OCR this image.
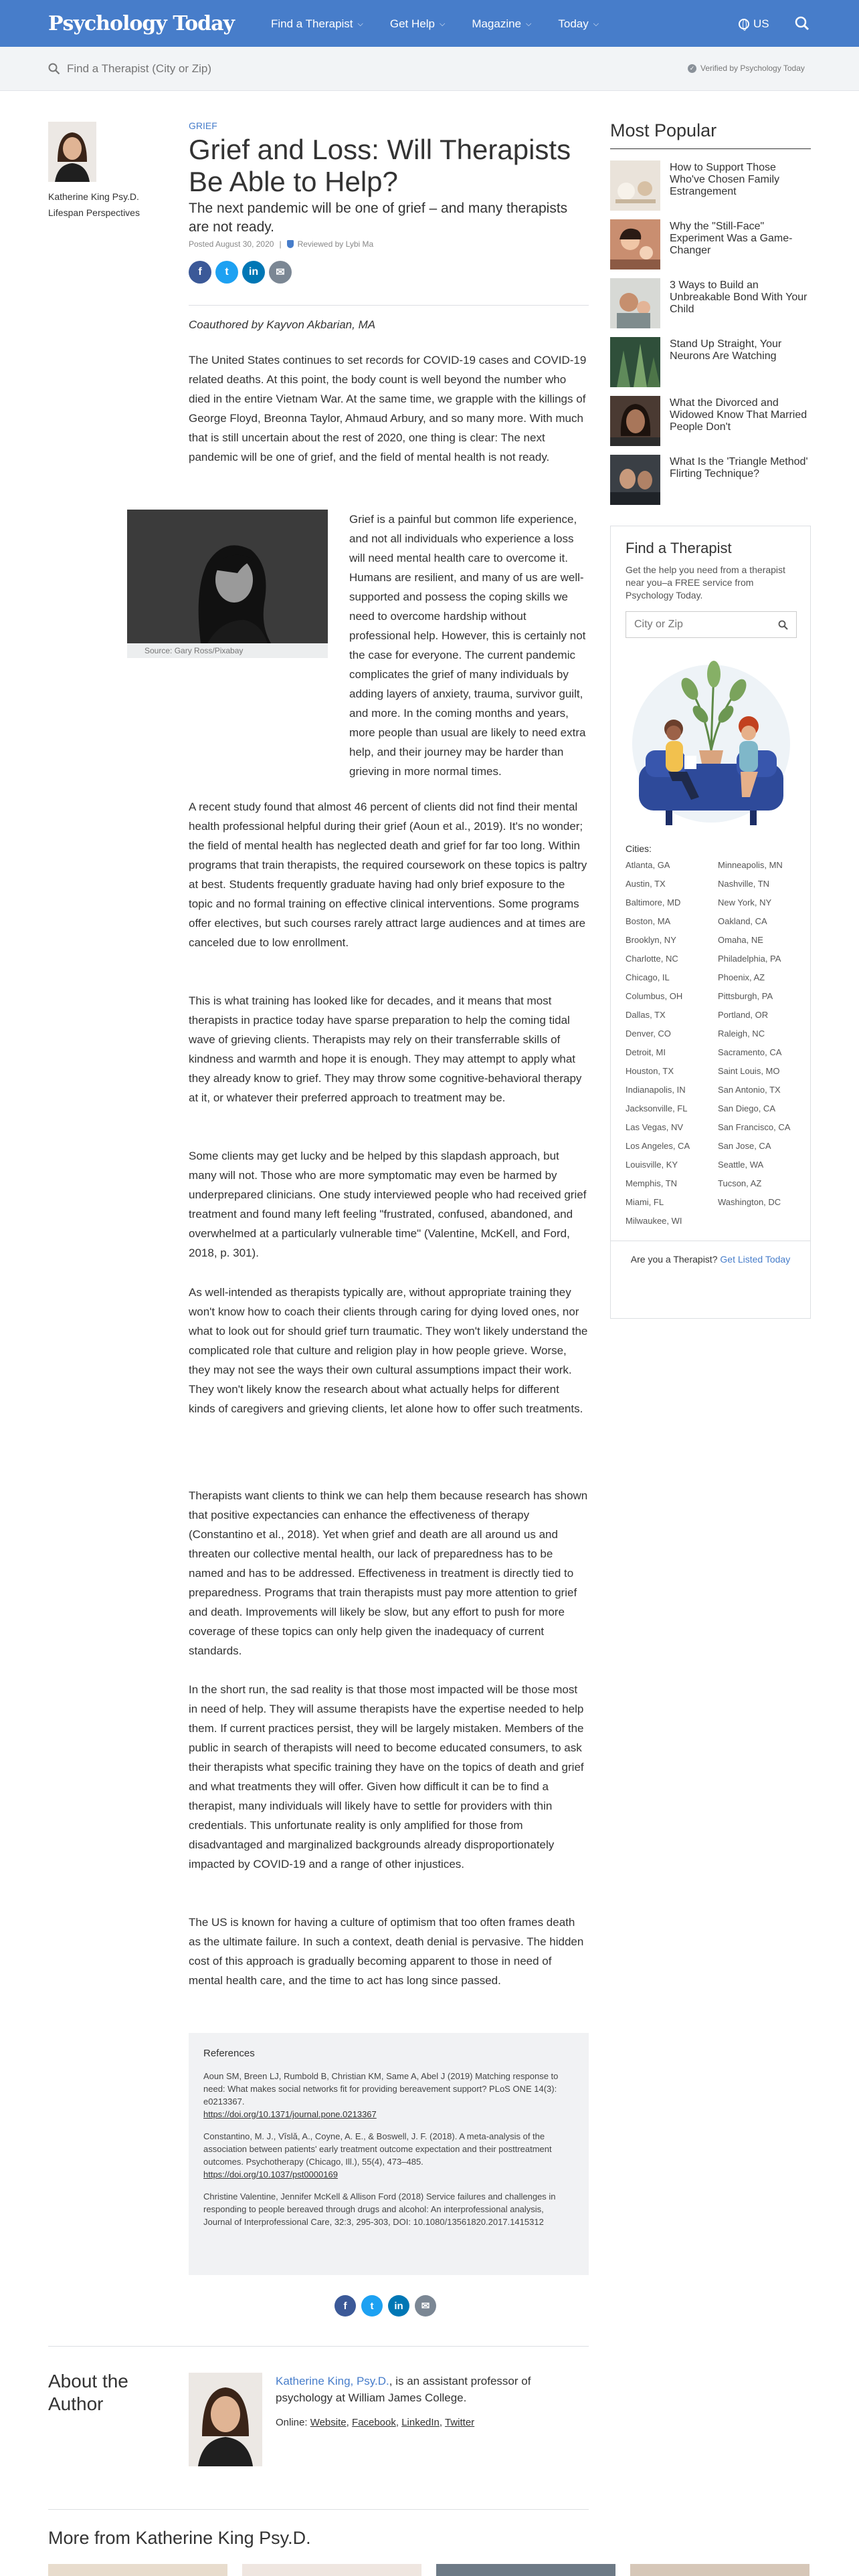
Psychology Today	Find a Therapist ⌵ Get Help ⌵ Magazine ⌵ Today ⌵	US
Find a Therapist (City or Zip)
✓ Verified by Psychology Today
Katherine King Psy.D.
Lifespan Perspectives
GRIEF
Grief and Loss: Will Therapists Be Able to Help?
The next pandemic will be one of grief – and many therapists are not ready.
Posted August 30, 2020 | Reviewed by Lybi Ma
f	t	in	✉
Coauthored by Kayvon Akbarian, MA

The United States continues to set records for COVID-19 cases and COVID-19 related deaths. At this point, the body count is well beyond the number who died in the entire Vietnam War. At the same time, we grapple with the killings of George Floyd, Breonna Taylor, Ahmaud Arbury, and so many more. With much that is still uncertain about the rest of 2020, one thing is clear: The next pandemic will be one of grief, and the field of mental health is not ready.

Source: Gary Ross/Pixabay

Grief is a painful but common life experience, and not all individuals who experience a loss will need mental health care to overcome it. Humans are resilient, and many of us are well-supported and possess the coping skills we need to overcome hardship without professional help. However, this is certainly not the case for everyone. The current pandemic complicates the grief of many individuals by adding layers of anxiety, trauma, survivor guilt, and more. In the coming months and years, more people than usual are likely to need extra help, and their journey may be harder than grieving in more normal times.

A recent study found that almost 46 percent of clients did not find their mental health professional helpful during their grief (Aoun et al., 2019). It's no wonder; the field of mental health has neglected death and grief for far too long. Within programs that train therapists, the required coursework on these topics is paltry at best. Students frequently graduate having had only brief exposure to the topic and no formal training on effective clinical interventions. Some programs offer electives, but such courses rarely attract large audiences and at times are canceled due to low enrollment.

This is what training has looked like for decades, and it means that most therapists in practice today have sparse preparation to help the coming tidal wave of grieving clients. Therapists may rely on their transferrable skills of kindness and warmth and hope it is enough. They may attempt to apply what they already know to grief. They may throw some cognitive-behavioral therapy at it, or whatever their preferred approach to treatment may be.

Some clients may get lucky and be helped by this slapdash approach, but many will not. Those who are more symptomatic may even be harmed by underprepared clinicians. One study interviewed people who had received grief treatment and found many left feeling "frustrated, confused, abandoned, and overwhelmed at a particularly vulnerable time" (Valentine, McKell, and Ford, 2018, p. 301).

As well-intended as therapists typically are, without appropriate training they won't know how to coach their clients through caring for dying loved ones, nor what to look out for should grief turn traumatic. They won't likely understand the complicated role that culture and religion play in how people grieve. Worse, they may not see the ways their own cultural assumptions impact their work. They won't likely know the research about what actually helps for different kinds of caregivers and grieving clients, let alone how to offer such treatments.

Therapists want clients to think we can help them because research has shown that positive expectancies can enhance the effectiveness of therapy (Constantino et al., 2018). Yet when grief and death are all around us and threaten our collective mental health, our lack of preparedness has to be named and has to be addressed. Effectiveness in treatment is directly tied to preparedness. Programs that train therapists must pay more attention to grief and death. Improvements will likely be slow, but any effort to push for more coverage of these topics can only help given the inadequacy of current standards.

In the short run, the sad reality is that those most impacted will be those most in need of help. They will assume therapists have the expertise needed to help them. If current practices persist, they will be largely mistaken. Members of the public in search of therapists will need to become educated consumers, to ask their therapists what specific training they have on the topics of death and grief and what treatments they will offer. Given how difficult it can be to find a therapist, many individuals will likely have to settle for providers with thin credentials. This unfortunate reality is only amplified for those from disadvantaged and marginalized backgrounds already disproportionately impacted by COVID-19 and a range of other injustices.

The US is known for having a culture of optimism that too often frames death as the ultimate failure. In such a context, death denial is pervasive. The hidden cost of this approach is gradually becoming apparent to those in need of mental health care, and the time to act has long since passed.

References
Aoun SM, Breen LJ, Rumbold B, Christian KM, Same A, Abel J (2019) Matching response to need: What makes social networks fit for providing bereavement support? PLoS ONE 14(3): e0213367.
https://doi.org/10.1371/journal.pone.0213367
Constantino, M. J., Vîslă, A., Coyne, A. E., & Boswell, J. F. (2018). A meta-analysis of the association between patients' early treatment outcome expectation and their posttreatment outcomes. Psychotherapy (Chicago, Ill.), 55(4), 473–485.
https://doi.org/10.1037/pst0000169
Christine Valentine, Jennifer McKell & Allison Ford (2018) Service failures and challenges in responding to people bereaved through drugs and alcohol: An interprofessional analysis, Journal of Interprofessional Care, 32:3, 295-303, DOI: 10.1080/13561820.2017.1415312
f	t	in	✉
About the Author
Katherine King, Psy.D., is an assistant professor of psychology at William James College.
Online: Website, Facebook, LinkedIn, Twitter
More from Katherine King Psy.D.
Most Popular
How to Support Those Who've Chosen Family Estrangement
Why the "Still-Face" Experiment Was a Game-Changer
3 Ways to Build an Unbreakable Bond With Your Child
Stand Up Straight, Your Neurons Are Watching
What the Divorced and Widowed Know That Married People Don't
What Is the 'Triangle Method' Flirting Technique?
Find a Therapist
Get the help you need from a therapist near you–a FREE service from Psychology Today.
City or Zip
Cities:
Atlanta, GA	Minneapolis, MN
Austin, TX	Nashville, TN
Baltimore, MD	New York, NY
Boston, MA	Oakland, CA
Brooklyn, NY	Omaha, NE
Charlotte, NC	Philadelphia, PA
Chicago, IL	Phoenix, AZ
Columbus, OH	Pittsburgh, PA
Dallas, TX	Portland, OR
Denver, CO	Raleigh, NC
Detroit, MI	Sacramento, CA
Houston, TX	Saint Louis, MO
Indianapolis, IN	San Antonio, TX
Jacksonville, FL	San Diego, CA
Las Vegas, NV	San Francisco, CA
Los Angeles, CA	San Jose, CA
Louisville, KY	Seattle, WA
Memphis, TN	Tucson, AZ
Miami, FL	Washington, DC
Milwaukee, WI
Are you a Therapist? Get Listed Today
